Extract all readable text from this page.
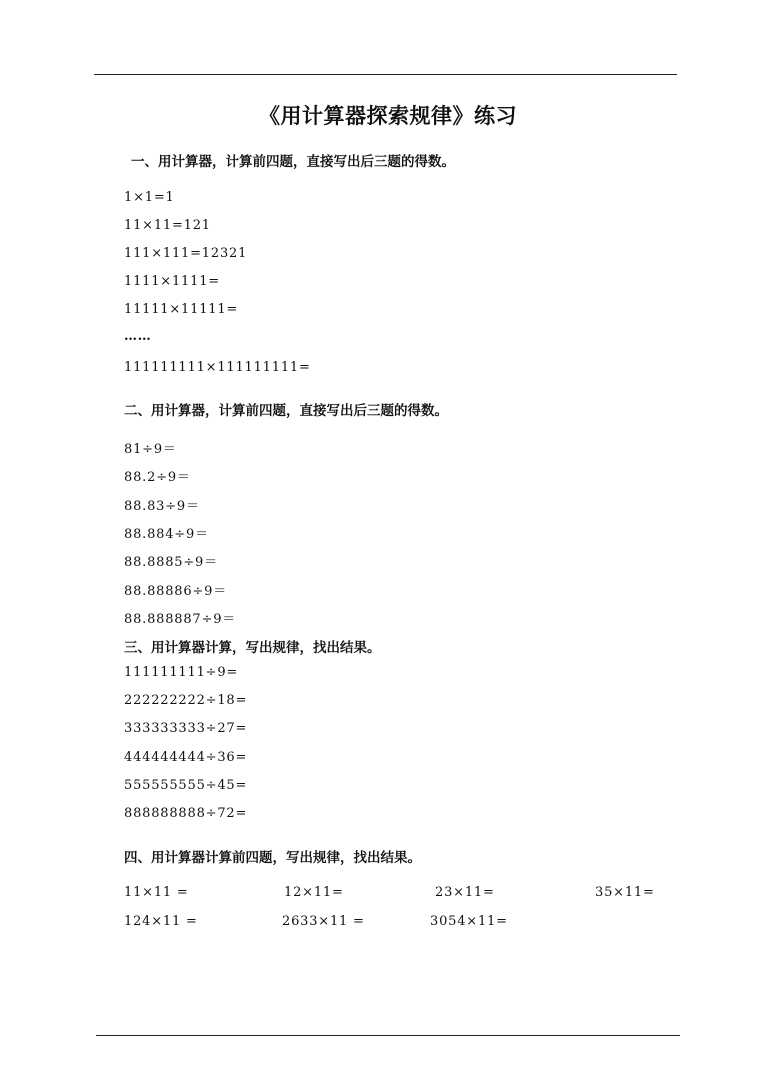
《用计算器探索规律》练习
一、用计算器，计算前四题，直接写出后三题的得数。
1×1=1
11×11=121
111×111=12321
1111×1111=
11111×11111=
……
111111111×111111111=
二、用计算器，计算前四题，直接写出后三题的得数。
81÷9＝
88.2÷9＝
88.83÷9＝
88.884÷9＝
88.8885÷9＝
88.88886÷9＝
88.888887÷9＝
三、用计算器计算，写出规律，找出结果。
111111111÷9=
222222222÷18=
333333333÷27=
444444444÷36=
555555555÷45=
888888888÷72=
四、用计算器计算前四题，写出规律，找出结果。
11×11 =	12×11=	23×11=	35×11=
124×11 =	2633×11 =	3054×11=
